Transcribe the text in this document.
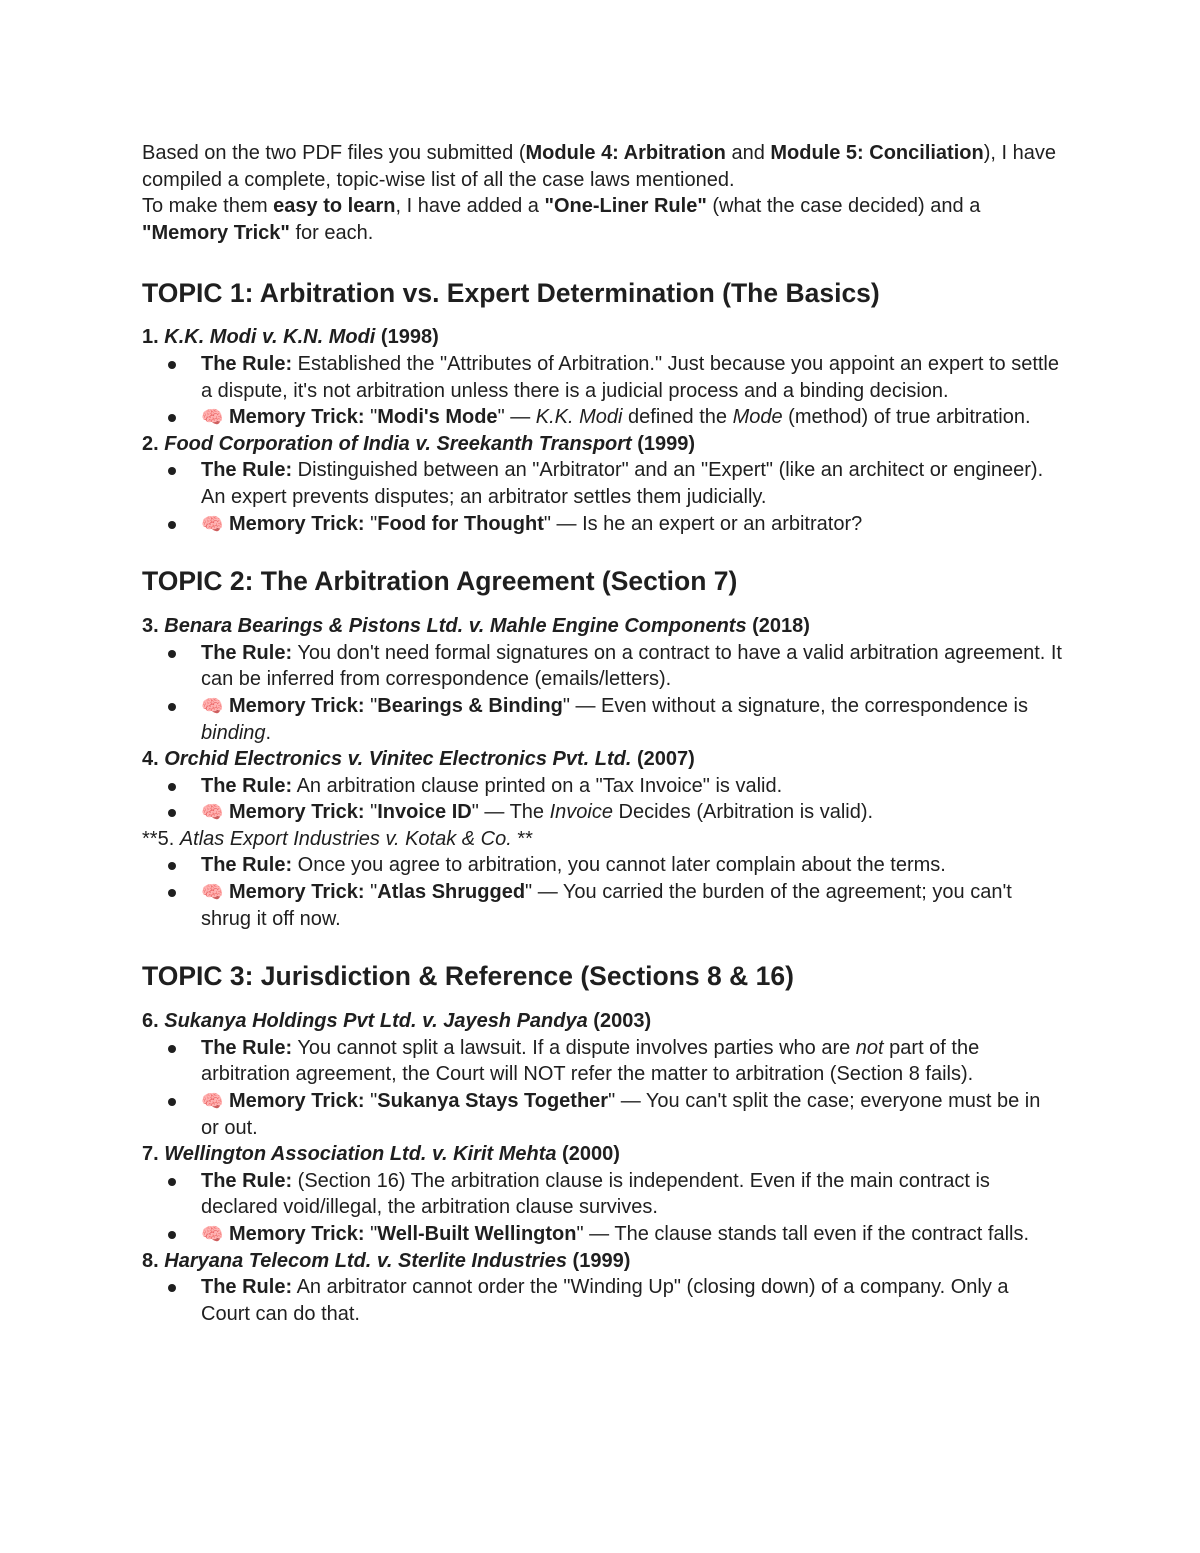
Based on the two PDF files you submitted (Module 4: Arbitration and Module 5: Conciliation), I have compiled a complete, topic-wise list of all the case laws mentioned.

To make them easy to learn, I have added a "One-Liner Rule" (what the case decided) and a "Memory Trick" for each.

TOPIC 1: Arbitration vs. Expert Determination (The Basics)

1. K.K. Modi v. K.N. Modi (1998)

The Rule: Established the "Attributes of Arbitration." Just because you appoint an expert to settle a dispute, it's not arbitration unless there is a judicial process and a binding decision.
🧠 Memory Trick: "Modi's Mode" — K.K. Modi defined the Mode (method) of true arbitration.

2. Food Corporation of India v. Sreekanth Transport (1999)

The Rule: Distinguished between an "Arbitrator" and an "Expert" (like an architect or engineer). An expert prevents disputes; an arbitrator settles them judicially.
🧠 Memory Trick: "Food for Thought" — Is he an expert or an arbitrator?
TOPIC 2: The Arbitration Agreement (Section 7)

3. Benara Bearings & Pistons Ltd. v. Mahle Engine Components (2018)

The Rule: You don't need formal signatures on a contract to have a valid arbitration agreement. It can be inferred from correspondence (emails/letters).
🧠 Memory Trick: "Bearings & Binding" — Even without a signature, the correspondence is binding.

4. Orchid Electronics v. Vinitec Electronics Pvt. Ltd. (2007)

The Rule: An arbitration clause printed on a "Tax Invoice" is valid.
🧠 Memory Trick: "Invoice ID" — The Invoice Decides (Arbitration is valid).

**5. Atlas Export Industries v. Kotak & Co. **

The Rule: Once you agree to arbitration, you cannot later complain about the terms.
🧠 Memory Trick: "Atlas Shrugged" — You carried the burden of the agreement; you can't shrug it off now.
TOPIC 3: Jurisdiction & Reference (Sections 8 & 16)

6. Sukanya Holdings Pvt Ltd. v. Jayesh Pandya (2003)

The Rule: You cannot split a lawsuit. If a dispute involves parties who are not part of the arbitration agreement, the Court will NOT refer the matter to arbitration (Section 8 fails).
🧠 Memory Trick: "Sukanya Stays Together" — You can't split the case; everyone must be in or out.

7. Wellington Association Ltd. v. Kirit Mehta (2000)

The Rule: (Section 16) The arbitration clause is independent. Even if the main contract is declared void/illegal, the arbitration clause survives.
🧠 Memory Trick: "Well-Built Wellington" — The clause stands tall even if the contract falls.

8. Haryana Telecom Ltd. v. Sterlite Industries (1999)

The Rule: An arbitrator cannot order the "Winding Up" (closing down) of a company. Only a Court can do that.
